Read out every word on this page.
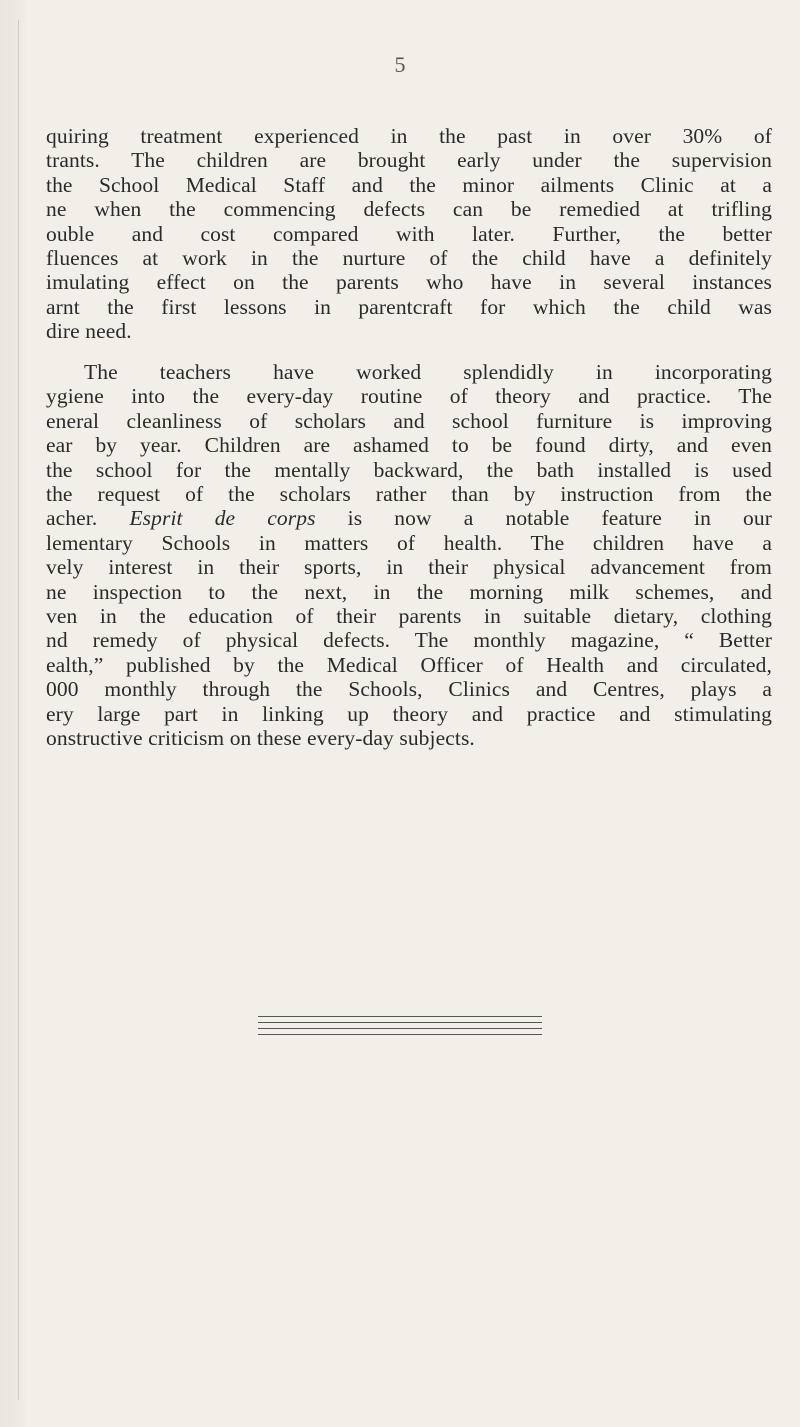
5
quiring treatment experienced in the past in over 30% of
trants. The children are brought early under the supervision
the School Medical Staff and the minor ailments Clinic at a
ne when the commencing defects can be remedied at trifling
ouble and cost compared with later. Further, the better
fluences at work in the nurture of the child have a definitely
imulating effect on the parents who have in several instances
arnt the first lessons in parentcraft for which the child was
dire need.
The teachers have worked splendidly in incorporating
ygiene into the every-day routine of theory and practice. The
eneral cleanliness of scholars and school furniture is improving
ear by year. Children are ashamed to be found dirty, and even
the school for the mentally backward, the bath installed is used
the request of the scholars rather than by instruction from the
acher. Esprit de corps is now a notable feature in our
lementary Schools in matters of health. The children have a
vely interest in their sports, in their physical advancement from
ne inspection to the next, in the morning milk schemes, and
ven in the education of their parents in suitable dietary, clothing
nd remedy of physical defects. The monthly magazine, “ Better
ealth,” published by the Medical Officer of Health and circulated,
000 monthly through the Schools, Clinics and Centres, plays a
ery large part in linking up theory and practice and stimulating
onstructive criticism on these every-day subjects.
